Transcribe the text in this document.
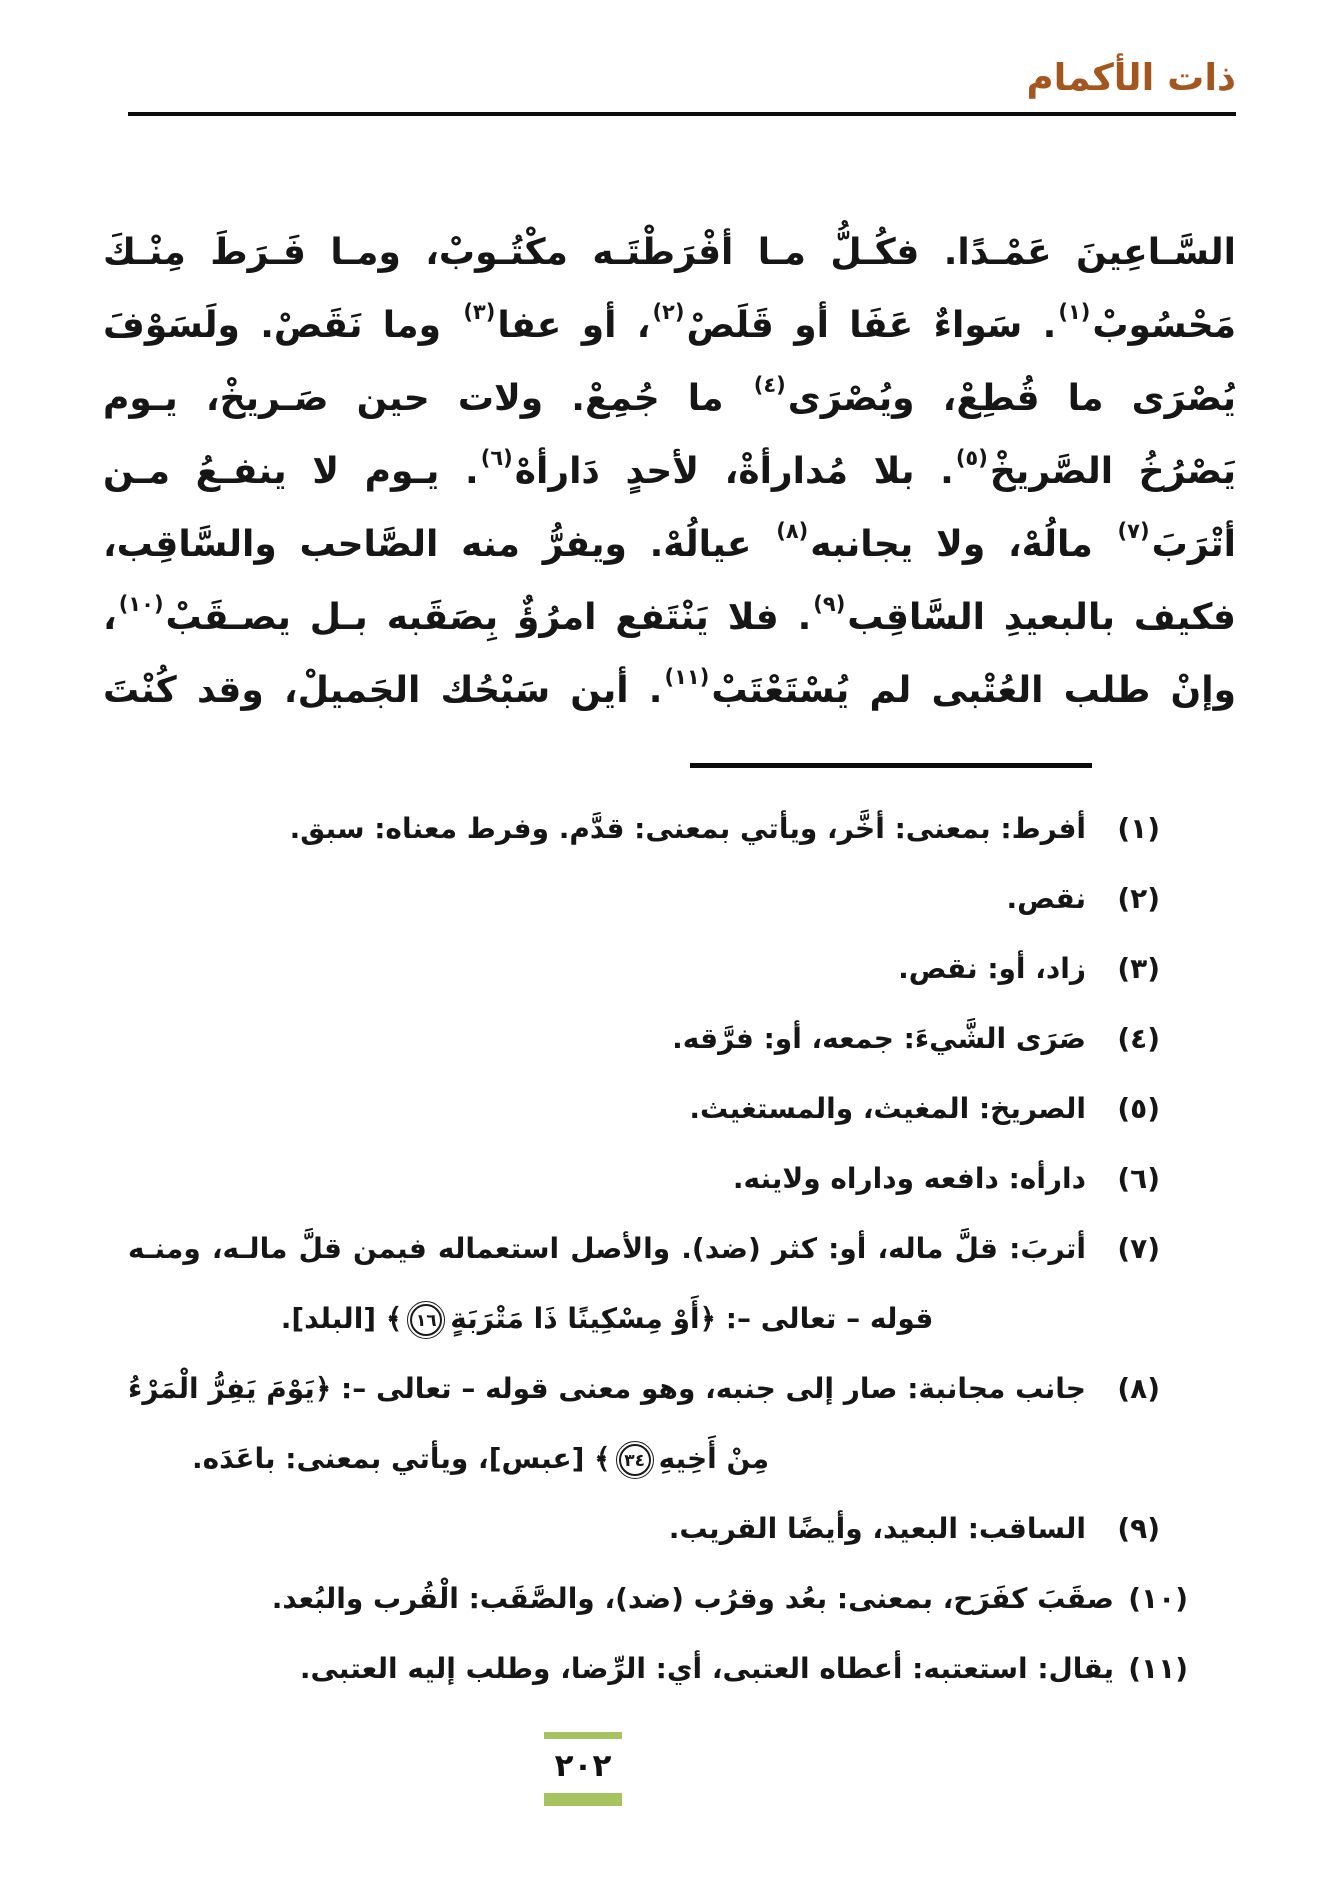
ذات الأكمام
السَّـاعِينَ عَمْـدًا. فكُـلُّ مـا أفْرَطْتَـه مكْتُـوبْ، ومـا فَـرَطَ مِنْـكَ
مَحْسُوبْ$^{(١)}$. سَواءٌ عَفَا أو قَلَصْ$^{(٢)}$، أو عفا$^{(٣)}$ وما نَقَصْ. ولَسَوْفَ
يُصْرَى ما قُطِعْ، ويُصْرَى$^{(٤)}$ ما جُمِعْ. ولات حين صَـريخْ، يـوم
يَصْرُخُ الصَّريخْ$^{(٥)}$. بلا مُدارأةْ، لأحدٍ دَارأهْ$^{(٦)}$. يـوم لا ينفـعُ مـن
أتْرَبَ$^{(٧)}$ مالُهْ، ولا يجانبه$^{(٨)}$ عيالُهْ. ويفرُّ منه الصَّاحب والسَّاقِب،
فكيف بالبعيدِ السَّاقِب$^{(٩)}$. فلا يَنْتَفع امرُؤٌ بِصَقَبه بـل يصـقَبْ$^{(١٠)}$،
وإنْ طلب العُتْبى لم يُسْتَعْتَبْ$^{(١١)}$. أين سَبْحُك الجَميلْ، وقد كُنْتَ
(١)
أفرط: بمعنى: أخَّر، ويأتي بمعنى: قدَّم. وفرط معناه: سبق.
(٢)
نقص.
(٣)
زاد، أو: نقص.
(٤)
صَرَى الشَّيءَ: جمعه، أو: فرَّقه.
(٥)
الصريخ: المغيث، والمستغيث.
(٦)
دارأه: دافعه وداراه ولاينه.
(٧)
أتربَ: قلَّ ماله، أو: كثر (ضد). والأصل استعماله فيمن قلَّ مالـه، ومنـه
قوله – تعالى –: ﴿أَوْ مِسْكِينًا ذَا مَتْرَبَةٍ١٦﴾ [البلد].
(٨)
جانب مجانبة: صار إلى جنبه، وهو معنى قوله – تعالى –: ﴿يَوْمَ يَفِرُّ الْمَرْءُ
مِنْ أَخِيهِ٣٤﴾ [عبس]، ويأتي بمعنى: باعَدَه.
(٩)
الساقب: البعيد، وأيضًا القريب.
(١٠)
صقَبَ كفَرَح، بمعنى: بعُد وقرُب (ضد)، والصَّقَب: الْقُرب والبُعد.
(١١)
يقال: استعتبه: أعطاه العتبى، أي: الرِّضا، وطلب إليه العتبى.
٢٠٢
